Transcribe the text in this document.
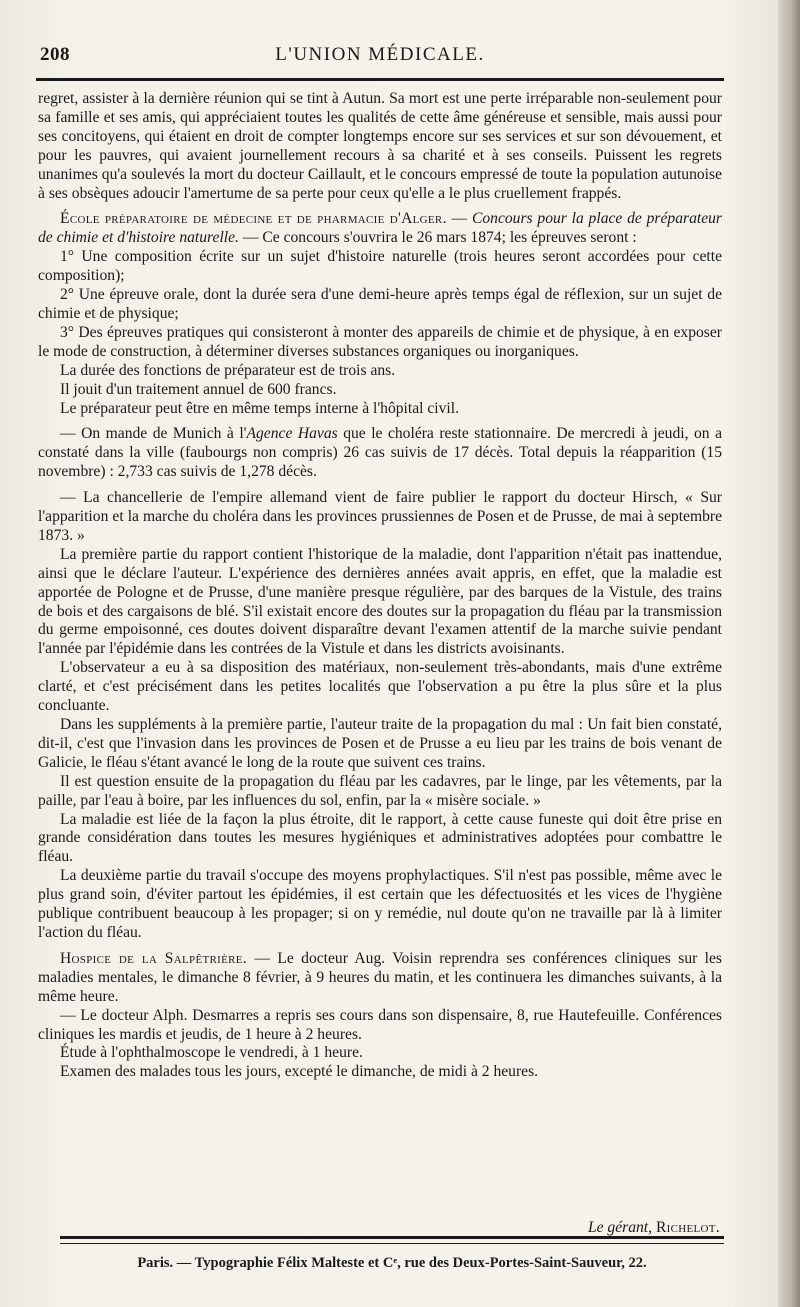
208	L'UNION MÉDICALE.

regret, assister à la dernière réunion qui se tint à Autun. Sa mort est une perte irréparable non-seulement pour sa famille et ses amis, qui appréciaient toutes les qualités de cette âme généreuse et sensible, mais aussi pour ses concitoyens, qui étaient en droit de compter longtemps encore sur ses services et sur son dévouement, et pour les pauvres, qui avaient journellement recours à sa charité et à ses conseils. Puissent les regrets unanimes qu'a soulevés la mort du docteur Caillault, et le concours empressé de toute la population autunoise à ses obsèques adoucir l'amertume de sa perte pour ceux qu'elle a le plus cruellement frappés.

École préparatoire de médecine et de pharmacie d'Alger. — Concours pour la place de préparateur de chimie et d'histoire naturelle. — Ce concours s'ouvrira le 26 mars 1874; les épreuves seront :

1° Une composition écrite sur un sujet d'histoire naturelle (trois heures seront accordées pour cette composition);

2° Une épreuve orale, dont la durée sera d'une demi-heure après temps égal de réflexion, sur un sujet de chimie et de physique;

3° Des épreuves pratiques qui consisteront à monter des appareils de chimie et de physique, à en exposer le mode de construction, à déterminer diverses substances organiques ou inorganiques.

La durée des fonctions de préparateur est de trois ans.

Il jouit d'un traitement annuel de 600 francs.

Le préparateur peut être en même temps interne à l'hôpital civil.

— On mande de Munich à l'Agence Havas que le choléra reste stationnaire. De mercredi à jeudi, on a constaté dans la ville (faubourgs non compris) 26 cas suivis de 17 décès. Total depuis la réapparition (15 novembre) : 2,733 cas suivis de 1,278 décès.

— La chancellerie de l'empire allemand vient de faire publier le rapport du docteur Hirsch, « Sur l'apparition et la marche du choléra dans les provinces prussiennes de Posen et de Prusse, de mai à septembre 1873. »

La première partie du rapport contient l'historique de la maladie, dont l'apparition n'était pas inattendue, ainsi que le déclare l'auteur. L'expérience des dernières années avait appris, en effet, que la maladie est apportée de Pologne et de Prusse, d'une manière presque régulière, par des barques de la Vistule, des trains de bois et des cargaisons de blé. S'il existait encore des doutes sur la propagation du fléau par la transmission du germe empoisonné, ces doutes doivent disparaître devant l'examen attentif de la marche suivie pendant l'année par l'épidémie dans les contrées de la Vistule et dans les districts avoisinants.

L'observateur a eu à sa disposition des matériaux, non-seulement très-abondants, mais d'une extrême clarté, et c'est précisément dans les petites localités que l'observation a pu être la plus sûre et la plus concluante.

Dans les suppléments à la première partie, l'auteur traite de la propagation du mal : Un fait bien constaté, dit-il, c'est que l'invasion dans les provinces de Posen et de Prusse a eu lieu par les trains de bois venant de Galicie, le fléau s'étant avancé le long de la route que suivent ces trains.

Il est question ensuite de la propagation du fléau par les cadavres, par le linge, par les vêtements, par la paille, par l'eau à boire, par les influences du sol, enfin, par la « misère sociale. »

La maladie est liée de la façon la plus étroite, dit le rapport, à cette cause funeste qui doit être prise en grande considération dans toutes les mesures hygiéniques et administratives adoptées pour combattre le fléau.

La deuxième partie du travail s'occupe des moyens prophylactiques. S'il n'est pas possible, même avec le plus grand soin, d'éviter partout les épidémies, il est certain que les défectuosités et les vices de l'hygiène publique contribuent beaucoup à les propager; si on y remédie, nul doute qu'on ne travaille par là à limiter l'action du fléau.

Hospice de la Salpêtrière. — Le docteur Aug. Voisin reprendra ses conférences cliniques sur les maladies mentales, le dimanche 8 février, à 9 heures du matin, et les continuera les dimanches suivants, à la même heure.

— Le docteur Alph. Desmarres a repris ses cours dans son dispensaire, 8, rue Hautefeuille. Conférences cliniques les mardis et jeudis, de 1 heure à 2 heures.

Étude à l'ophthalmoscope le vendredi, à 1 heure.

Examen des malades tous les jours, excepté le dimanche, de midi à 2 heures.

Le gérant, Richelot.
Paris. — Typographie Félix Malteste et Cᵉ, rue des Deux-Portes-Saint-Sauveur, 22.
